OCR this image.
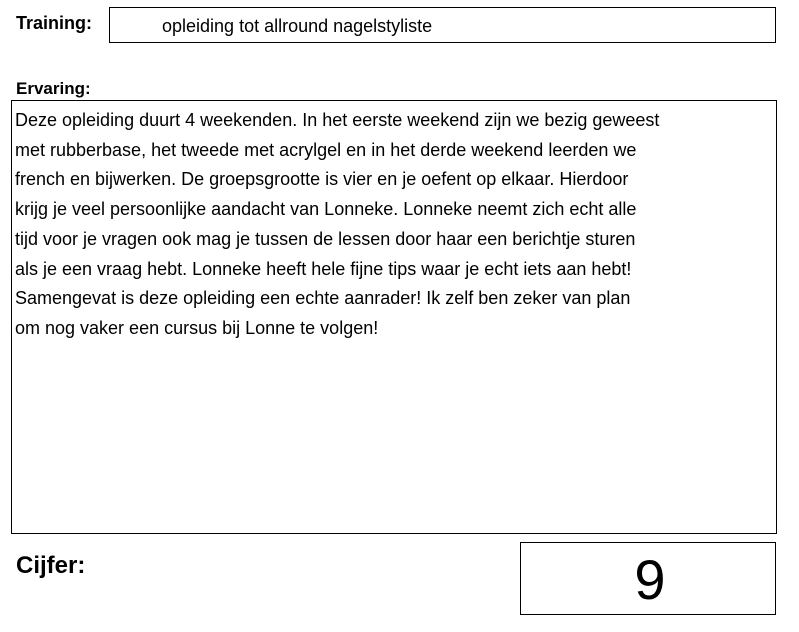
Training:	opleiding tot allround nagelstyliste
Ervaring:

Deze opleiding duurt 4 weekenden. In het eerste weekend zijn we bezig geweest
met rubberbase, het tweede met acrylgel en in het derde weekend leerden we
french en bijwerken. De groepsgrootte is vier en je oefent op elkaar. Hierdoor
krijg je veel persoonlijke aandacht van Lonneke. Lonneke neemt zich echt alle
tijd voor je vragen ook mag je tussen de lessen door haar een berichtje sturen
als je een vraag hebt. Lonneke heeft hele fijne tips waar je echt iets aan hebt!
Samengevat is deze opleiding een echte aanrader! Ik zelf ben zeker van plan
om nog vaker een cursus bij Lonne te volgen!

Cijfer:	9
